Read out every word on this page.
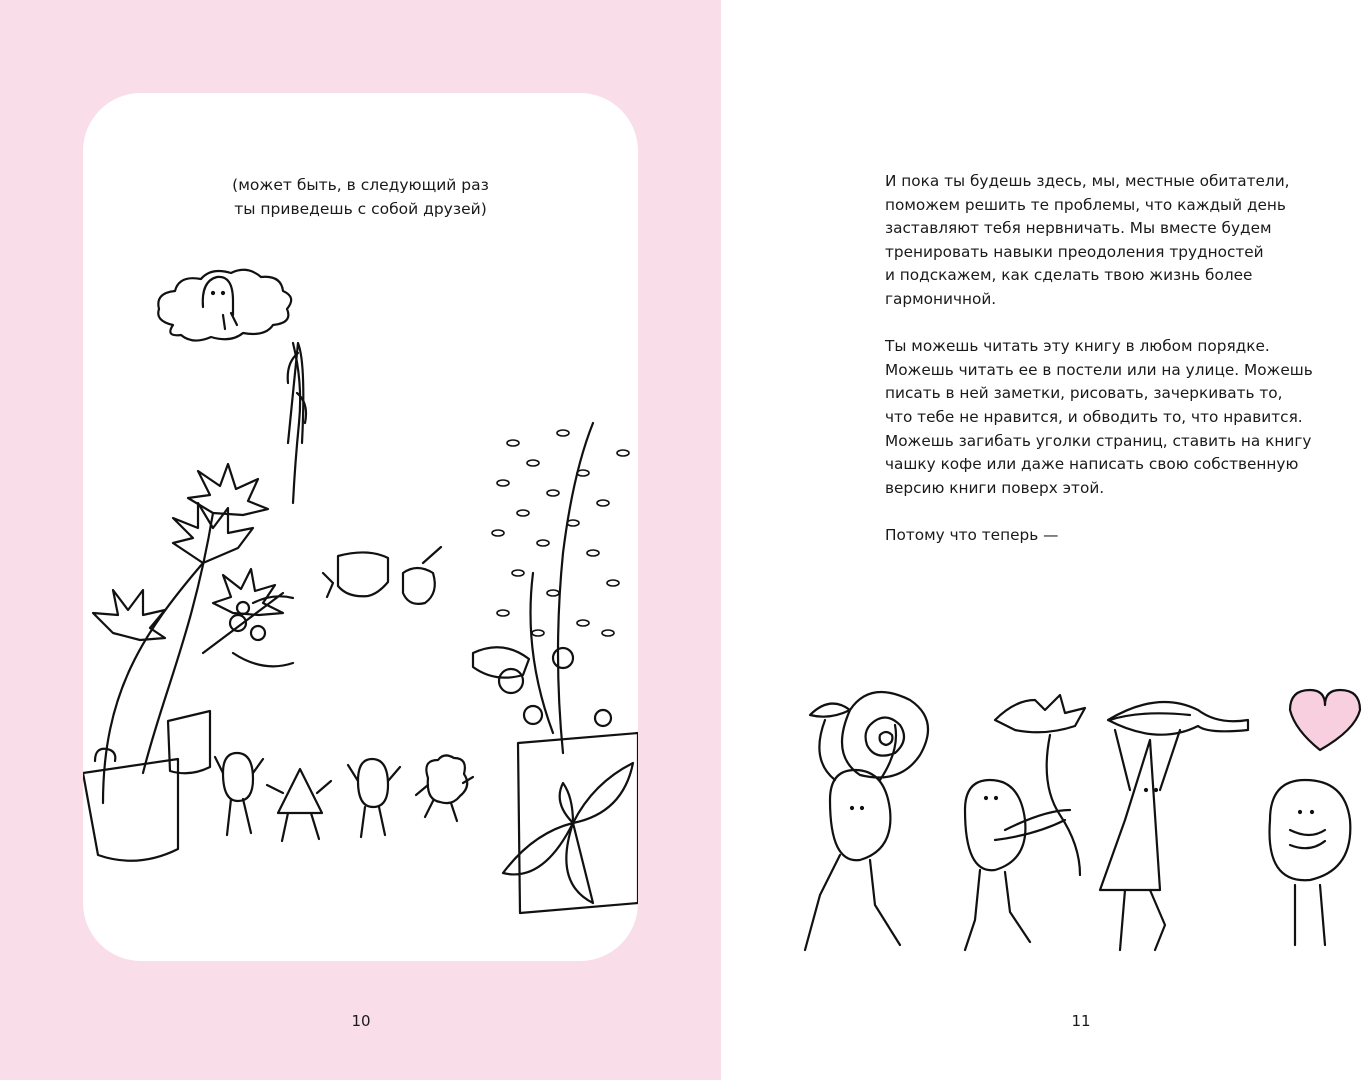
(может быть, в следующий раз
ты приведешь с собой друзей)
10

И пока ты будешь здесь, мы, местные обитатели,
поможем решить те проблемы, что каждый день
заставляют тебя нервничать. Мы вместе будем
тренировать навыки преодоления трудностей
и подскажем, как сделать твою жизнь более
гармоничной.

Ты можешь читать эту книгу в любом порядке.
Можешь читать ее в постели или на улице. Можешь
писать в ней заметки, рисовать, зачеркивать то,
что тебе не нравится, и обводить то, что нравится.
Можешь загибать уголки страниц, ставить на книгу
чашку кофе или даже написать свою собственную
версию книги поверх этой.

Потому что теперь —

11
